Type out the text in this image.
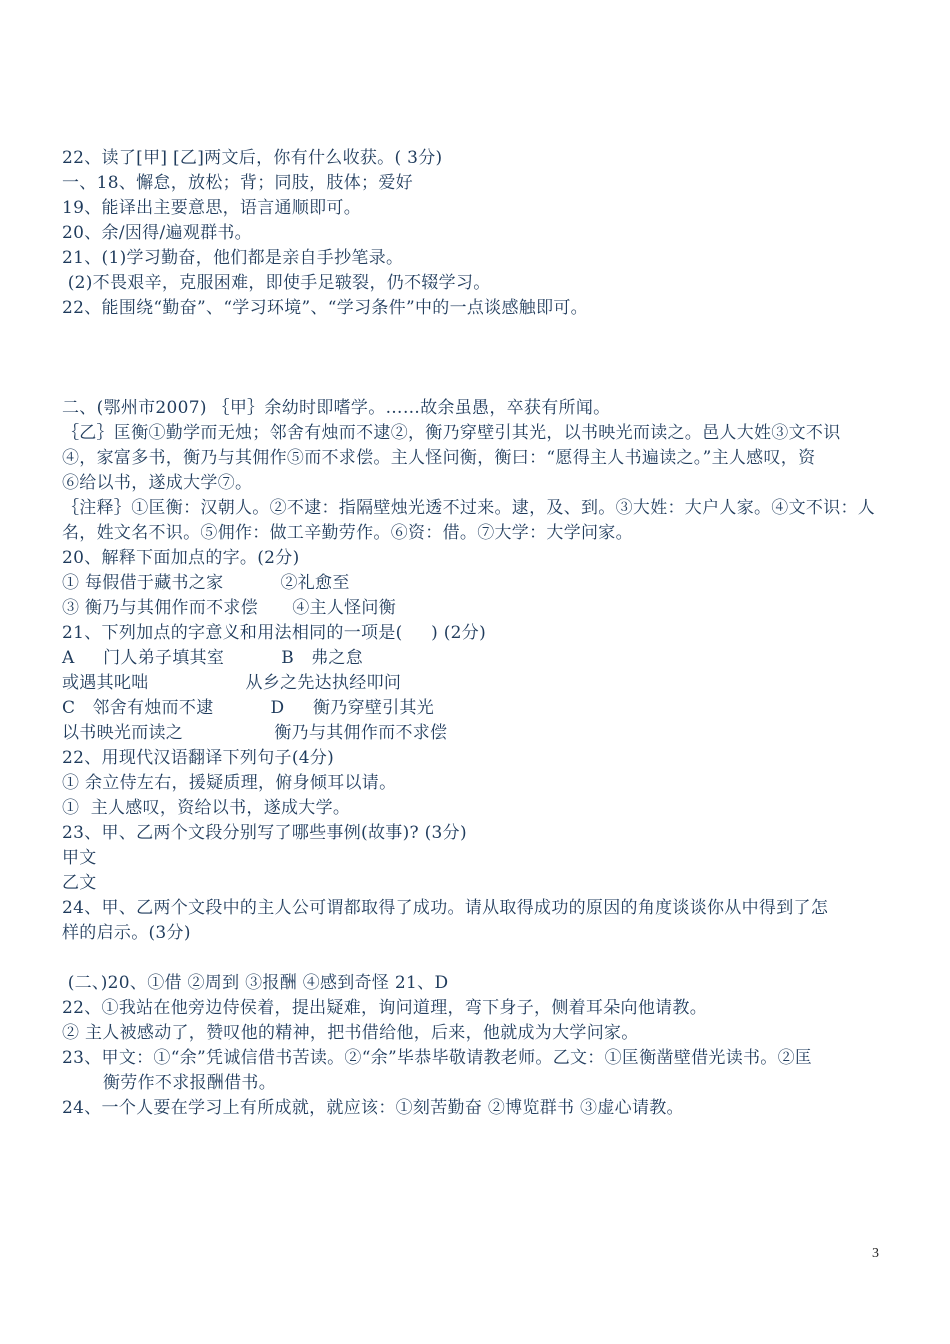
22、读了[甲] [乙]两文后，你有什么收获。( 3分)
一、18、懈怠，放松；背；同肢，肢体；爱好
19、能译出主要意思，语言通顺即可。
20、余/因得/遍观群书。
21、(1)学习勤奋，他们都是亲自手抄笔录。
(2)不畏艰辛，克服困难，即使手足皲裂，仍不辍学习。
22、能围绕“勤奋”、“学习环境”、“学习条件”中的一点谈感触即可。
二、(鄂州市2007) ｛甲｝余幼时即嗜学。……故余虽愚，卒获有所闻。
｛乙｝匡衡①勤学而无烛；邻舍有烛而不逮②，衡乃穿壁引其光，以书映光而读之。邑人大姓③文不识
④，家富多书，衡乃与其佣作⑤而不求偿。主人怪问衡，衡曰：“愿得主人书遍读之。”主人感叹，资
⑥给以书，遂成大学⑦。
｛注释｝①匡衡：汉朝人。②不逮：指隔壁烛光透不过来。逮，及、到。③大姓：大户人家。④文不识：人
名，姓文名不识。⑤佣作：做工辛勤劳作。⑥资：借。⑦大学：大学问家。
20、解释下面加点的字。(2分)
① 每假借于藏书之家          ②礼愈至
③ 衡乃与其佣作而不求偿      ④主人怪问衡
21、下列加点的字意义和用法相同的一项是(     ) (2分)
A     门人弟子填其室          B   弗之怠
或遇其叱咄                 从乡之先达执经叩问
C   邻舍有烛而不逮          D     衡乃穿壁引其光
以书映光而读之                衡乃与其佣作而不求偿
22、用现代汉语翻译下列句子(4分)
① 余立侍左右，援疑质理，俯身倾耳以请。
①  主人感叹，资给以书，遂成大学。
23、甲、乙两个文段分别写了哪些事例(故事)? (3分)
甲文
乙文
24、甲、乙两个文段中的主人公可谓都取得了成功。请从取得成功的原因的角度谈谈你从中得到了怎
样的启示。(3分)
(二、)20、①借 ②周到 ③报酬 ④感到奇怪 21、D
22、①我站在他旁边侍侯着，提出疑难，询问道理，弯下身子，侧着耳朵向他请教。
② 主人被感动了，赞叹他的精神，把书借给他，后来，他就成为大学问家。
23、甲文：①“余”凭诚信借书苦读。②“余”毕恭毕敬请教老师。乙文：①匡衡凿壁借光读书。②匡
衡劳作不求报酬借书。
24、一个人要在学习上有所成就，就应该：①刻苦勤奋 ②博览群书 ③虚心请教。
3
